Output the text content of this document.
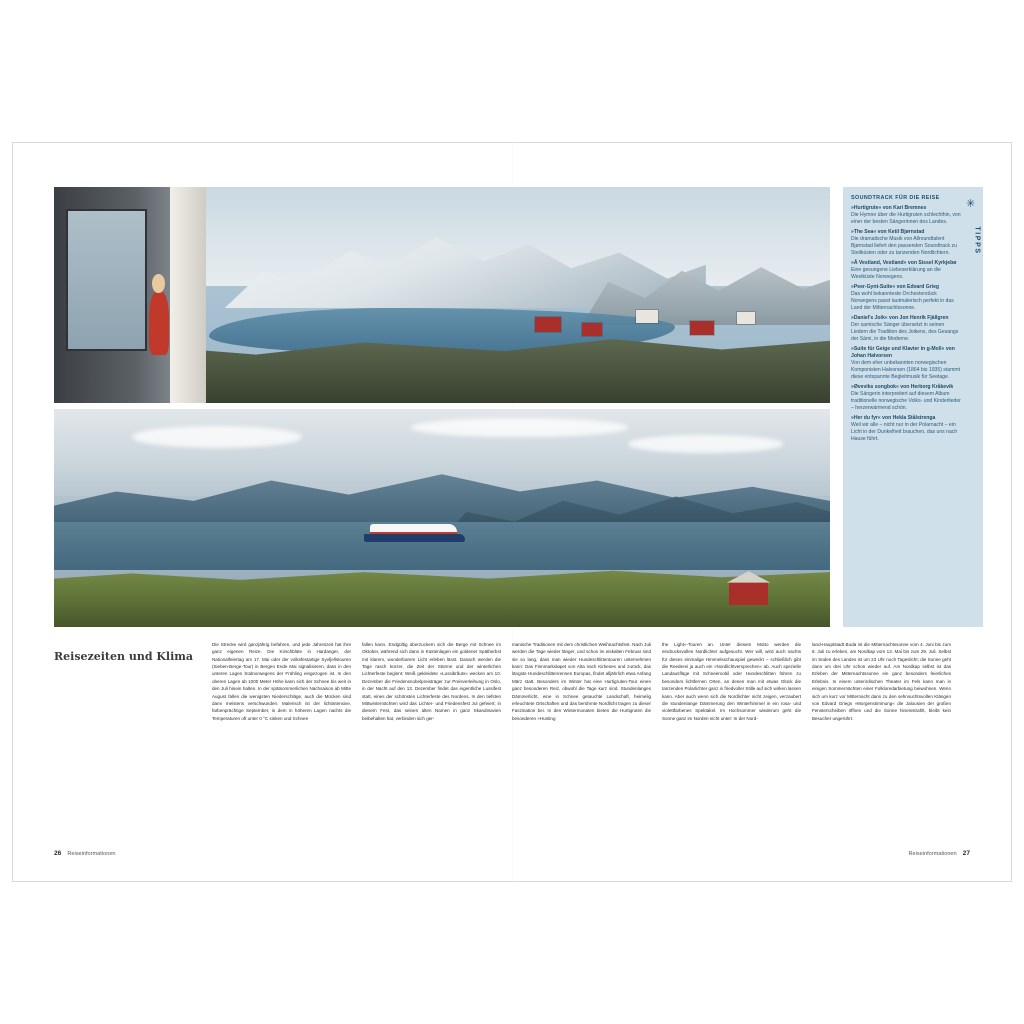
SOUNDTRACK FÜR DIE REISE
»Hurtigrute« von Kari Bremnes
Die Hymne über die Hurtigruten schlechthin, von einer der besten Sängerinnen des Landes.
»The Sea« von Ketil Bjørnstad
Die dramatische Musik von Allroundtalent Bjørnstad liefert den passenden Soundtrack zu Steilküsten oder zu tanzenden Nordlichtern.
»Å Vestland, Vestland« von Sissel Kyrkjebø
Eine gesungene Liebeserklärung an die Westküste Norwegens.
»Peer-Gynt-Suite« von Edvard Grieg
Das wohl bekannteste Orchesterstück Norwegens passt lautmalerisch perfekt in das Land der Mitternachtssonne.
»Daniel's Joik« von Jon Henrik Fjällgren
Der samische Sänger übersetzt in seinen Liedern die Tradition des Joikens, des Gesangs der Sámi, in die Moderne.
»Suite für Geige und Klavier in g-Moll« von Johan Halvorsen
Von dem eher unbekannten norwegischen Komponisten Halvorsen (1864 bis 1935) stammt diese entspannte Begleitmusik für Seetage.
»Øveviks songbok« von Herborg Kråkevik
Die Sängerin interpretiert auf diesem Album traditionelle norwegische Volks- und Kinderlieder – herzerwärmend schön.
»Her du fyr« von Hekla Stålstrenga
Weil wir alle – nicht nur in der Polarnacht – ein Licht in der Dunkelheit brauchen, das uns nach Hause führt.
✳
TIPPS
Reisezeiten und Klima
Die Strecke wird ganzjährig befahren, und jede Jahreszeit hat ihre ganz eigenen Reize. Die Kirschblüte in Hardanger, der Nationalfeiertag am 17. Mai oder der volksfestartige Syvfjellstouren (Sieben-Berge-Tour) in Bergen Ende Mai signalisieren, dass in den unteren Lagen Südnorwegens der Frühling eingezogen ist. In den oberen Lagen ab 1000 Meter Höhe kann sich der Schnee bis weit in den Juli hinein halten. In der spätsommerlichen Nachsaison ab Mitte August fallen die wenigsten Niederschläge, auch die Mücken sind dann meistens verschwunden. Malerisch ist der lichtintensive, farbenprächtige September, in dem in höheren Lagen nachts die Temperaturen oft unter 0 °C sinken und Schnee
fallen kann. Endgültig überzuckern sich die Berge mit Schnee im Oktober, während sich dann in Küstenlagen ein goldener Spätherbst mit klarem, wunderbarem Licht erleben lässt. Danach werden die Tage rasch kürzer, die Zeit der Stürme und der winterlichen Lichterfeste beginnt: Weiß gekleidete »Lussibråuts« wecken am 10. Dezember die Friedensnobelpreisträger zur Preisverleihung in Oslo, in der Nacht auf den 13. Dezember findet das eigentliche Lussifest statt, eines der schönsten Lichterfeste des Nordens. In den tiefsten Mittwinternächten wird das Lichter- und Friedensfest Jul gefeiert; in diesem Fest, das seinen alten Namen in ganz Skandinavien beibehalten hat, verbinden sich ger-
manische Traditionen mit dem christlichen Weihnachtsfest. Nach Juli werden die Tage wieder länger, und schon im eiskalten Februar sind sie so lang, dass man wieder Hundeschlittentouren unternehmen kann: Das Finnmarksløpet von Alta nach Kirkenes und zurück, das längste Hundeschlittenrennen Europas, findet alljährlich etwa Anfang März statt. Besonders im Winter hat eine Hurtigruten-Tour einen ganz besonderen Reiz, obwohl die Tage kurz sind. Stundenlanges Dämmerlicht, eine in Schnee getauchte Landschaft, heimelig erleuchtete Ortschaften und das berühmte Nordlicht tragen zu dieser Faszination bei. In den Wintermonaten bieten die Hurtigruten die besonderen »Hunting
the Light«-Touren an. Unter diesem Motto werden die eindrucksvollen Nordlichter aufgesucht. Wer will, wird auch nachts für dieses einmalige Himmelsschauspiel geweckt – schließlich gibt die Reederei ja auch ein »Nordlichtversprechen« ab. Auch spezielle Landausflüge mit Schneemobil oder Hundeschlitten führen zu besonders lichtfernen Orten, an denen man mit etwas Glück die tanzenden Polarlichter ganz in friedvoller Stille auf sich wirken lassen kann. Aber auch wenn sich die Nordlichter nicht zeigen, verzaubert die stundenlange Dämmerung den Winterhimmel in ein rosa- und violettfarbenes Spektakel. Im Hochsommer wiederum geht die Sonne ganz im Norden nicht unter: In der Nord-
land-Hauptstadt Bodø ist die Mitternachtssonne vom 4. Juni bis zum 8. Juli zu erleben, am Nordkap vom 13. Mai bis zum 29. Juli. Selbst im Süden des Landes ist um 23 Uhr noch Tageslicht; die Sonne geht dann um drei Uhr schon wieder auf. Am Nordkap selbst ist das Erleben der Mitternachtssonne ein ganz besonders feierliches Erlebnis. In einem unterirdischen Theater im Fels kann man in einigen Sommernächten einer Folkloredarbietung beiwohnen. Wenn sich um kurz vor Mitternacht dann zu den sehnsuchtsvollen Klängen von Edvard Griegs »Morgenstimmung« die Jalousien der großen Fensterscheiben öffnen und die Sonne hineinstrahlt, bleibt kein Besucher ungerührt.
26 Reiseinformationen	Reiseinformationen 27
